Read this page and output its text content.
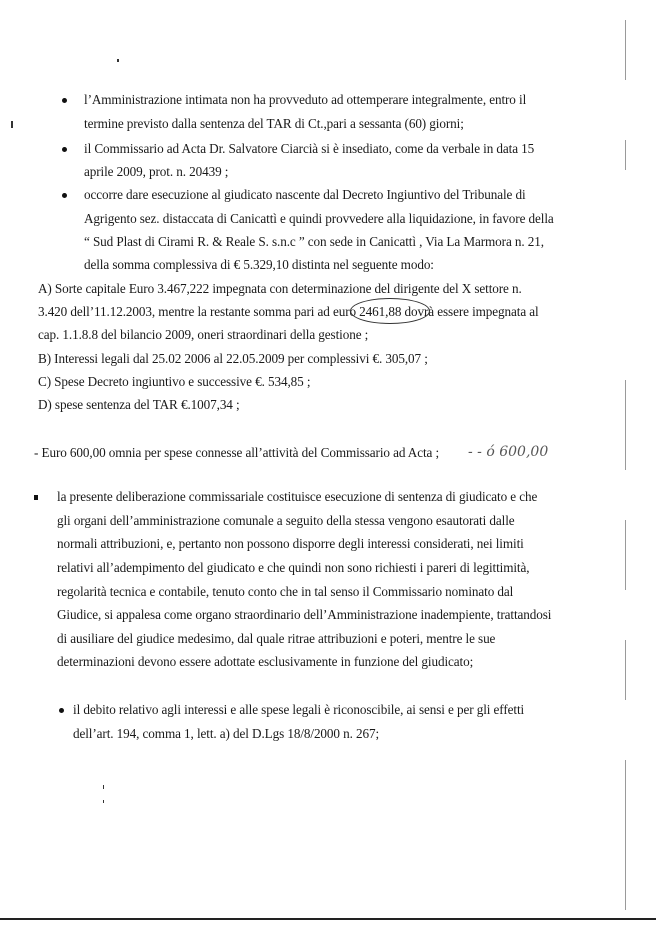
l’Amministrazione intimata non ha provveduto ad ottemperare integralmente, entro il
termine previsto dalla sentenza del TAR di Ct.,pari a sessanta (60) giorni;
il Commissario ad Acta Dr. Salvatore Ciarcià si è insediato, come da verbale in data 15
aprile 2009, prot. n. 20439 ;
occorre dare esecuzione al giudicato nascente dal Decreto Ingiuntivo del Tribunale di
Agrigento sez. distaccata di Canicattì e quindi provvedere alla liquidazione, in favore della
“ Sud Plast di Cirami R. & Reale S. s.n.c ” con sede in Canicattì , Via La Marmora n. 21,
della somma complessiva di € 5.329,10 distinta nel seguente modo:
A) Sorte capitale Euro 3.467,222 impegnata con determinazione del dirigente del X settore n.
3.420 dell’11.12.2003, mentre la restante somma pari ad euro 2461,88 dovrà essere impegnata al
cap. 1.1.8.8 del bilancio 2009, oneri straordinari della gestione ;
B) Interessi legali dal 25.02 2006 al 22.05.2009 per complessivi €. 305,07 ;
C) Spese Decreto ingiuntivo e successive €. 534,85 ;
D) spese sentenza del TAR €.1007,34 ;
- Euro 600,00 omnia per spese connesse all’attività del Commissario ad Acta ; - - ó 600,00
la presente deliberazione commissariale costituisce esecuzione di sentenza di giudicato e che
gli organi dell’amministrazione comunale a seguito della stessa vengono esautorati dalle
normali attribuzioni, e, pertanto non possono disporre degli interessi considerati, nei limiti
relativi all’adempimento del giudicato e che quindi non sono richiesti i pareri di legittimità,
regolarità tecnica e contabile, tenuto conto che in tal senso il Commissario nominato dal
Giudice, si appalesa come organo straordinario dell’Amministrazione inadempiente, trattandosi
di ausiliare del giudice medesimo, dal quale ritrae attribuzioni e poteri, mentre le sue
determinazioni devono essere adottate esclusivamente in funzione del giudicato;
il debito relativo agli interessi e alle spese legali è riconoscibile, ai sensi e per gli effetti
dell’art. 194, comma 1, lett. a) del D.Lgs 18/8/2000 n. 267;
